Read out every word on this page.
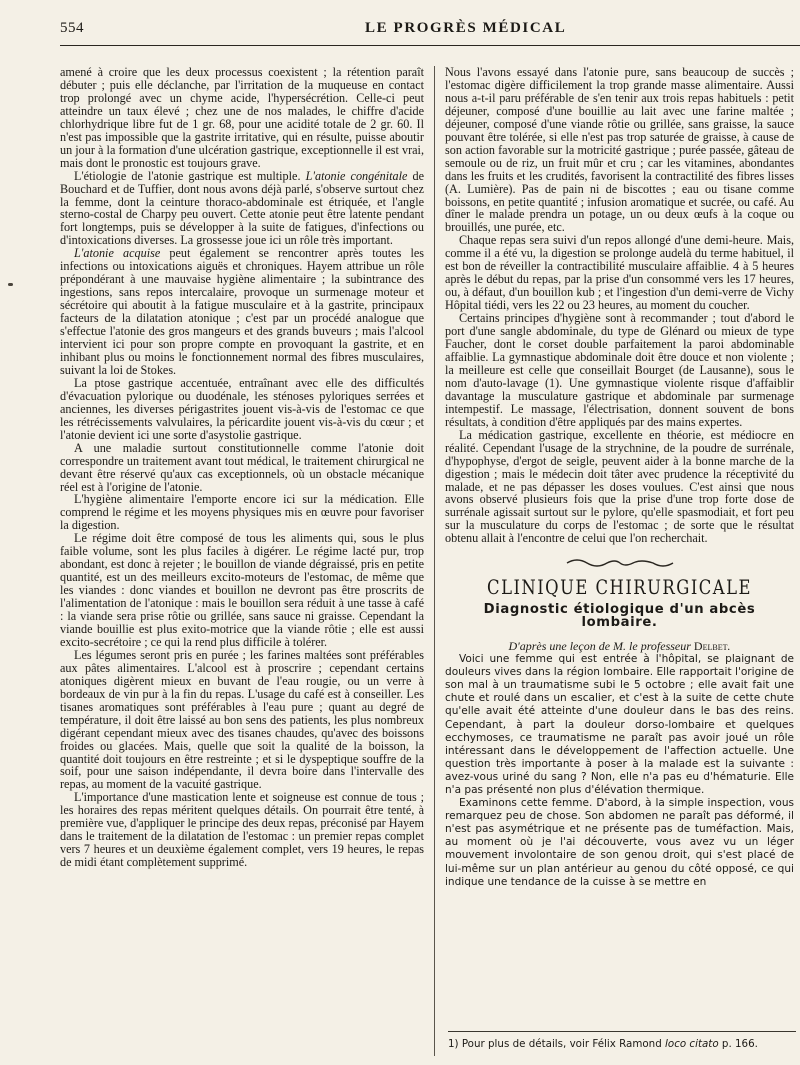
554	LE PROGRÈS MÉDICAL

amené à croire que les deux processus coexistent ; la rétention paraît débuter ; puis elle déclanche, par l'irritation de la muqueuse en contact trop prolongé avec un chyme acide, l'hypersécrétion. Celle-ci peut atteindre un taux élevé ; chez une de nos malades, le chiffre d'acide chlorhydrique libre fut de 1 gr. 68, pour une acidité totale de 2 gr. 60. Il n'est pas impossible que la gastrite irritative, qui en résulte, puisse aboutir un jour à la formation d'une ulcération gastrique, exceptionnelle il est vrai, mais dont le pronostic est toujours grave.

L'étiologie de l'atonie gastrique est multiple. L'atonie congénitale de Bouchard et de Tuffier, dont nous avons déjà parlé, s'observe surtout chez la femme, dont la ceinture thoraco-abdominale est étriquée, et l'angle sterno-costal de Charpy peu ouvert. Cette atonie peut être latente pendant fort longtemps, puis se développer à la suite de fatigues, d'infections ou d'intoxications diverses. La grossesse joue ici un rôle très important.

L'atonie acquise peut également se rencontrer après toutes les infections ou intoxications aiguës et chroniques. Hayem attribue un rôle prépondérant à une mauvaise hygiène alimentaire ; la subintrance des ingestions, sans repos intercalaire, provoque un surmenage moteur et sécrétoire qui aboutit à la fatigue musculaire et à la gastrite, principaux facteurs de la dilatation atonique ; c'est par un procédé analogue que s'effectue l'atonie des gros mangeurs et des grands buveurs ; mais l'alcool intervient ici pour son propre compte en provoquant la gastrite, et en inhibant plus ou moins le fonctionnement normal des fibres musculaires, suivant la loi de Stokes.

La ptose gastrique accentuée, entraînant avec elle des difficultés d'évacuation pylorique ou duodénale, les sténoses pyloriques serrées et anciennes, les diverses périgastrites jouent vis-à-vis de l'estomac ce que les rétrécissements valvulaires, la péricardite jouent vis-à-vis du cœur ; et l'atonie devient ici une sorte d'asystolie gastrique.

A une maladie surtout constitutionnelle comme l'atonie doit correspondre un traitement avant tout médical, le traitement chirurgical ne devant être réservé qu'aux cas exceptionnels, où un obstacle mécanique réel est à l'origine de l'atonie.

L'hygiène alimentaire l'emporte encore ici sur la médication. Elle comprend le régime et les moyens physiques mis en œuvre pour favoriser la digestion.

Le régime doit être composé de tous les aliments qui, sous le plus faible volume, sont les plus faciles à digérer. Le régime lacté pur, trop abondant, est donc à rejeter ; le bouillon de viande dégraissé, pris en petite quantité, est un des meilleurs excito-moteurs de l'estomac, de même que les viandes : donc viandes et bouillon ne devront pas être proscrits de l'alimentation de l'atonique : mais le bouillon sera réduit à une tasse à café : la viande sera prise rôtie ou grillée, sans sauce ni graisse. Cependant la viande bouillie est plus exito-motrice que la viande rôtie ; elle est aussi excito-secrétoire ; ce qui la rend plus difficile à tolérer.

Les légumes seront pris en purée ; les farines maltées sont préférables aux pâtes alimentaires. L'alcool est à proscrire ; cependant certains atoniques digèrent mieux en buvant de l'eau rougie, ou un verre à bordeaux de vin pur à la fin du repas. L'usage du café est à conseiller. Les tisanes aromatiques sont préférables à l'eau pure ; quant au degré de température, il doit être laissé au bon sens des patients, les plus nombreux digérant cependant mieux avec des tisanes chaudes, qu'avec des boissons froides ou glacées. Mais, quelle que soit la qualité de la boisson, la quantité doit toujours en être restreinte ; et si le dyspeptique souffre de la soif, pour une saison indépendante, il devra boire dans l'intervalle des repas, au moment de la vacuité gastrique.

L'importance d'une mastication lente et soigneuse est connue de tous ; les horaires des repas méritent quelques détails. On pourrait être tenté, à première vue, d'appliquer le principe des deux repas, préconisé par Hayem dans le traitement de la dilatation de l'estomac : un premier repas complet vers 7 heures et un deuxième également complet, vers 19 heures, le repas de midi étant complètement supprimé.

Nous l'avons essayé dans l'atonie pure, sans beaucoup de succès ; l'estomac digère difficilement la trop grande masse alimentaire. Aussi nous a-t-il paru préférable de s'en tenir aux trois repas habituels : petit déjeuner, composé d'une bouillie au lait avec une farine maltée ; déjeuner, composé d'une viande rôtie ou grillée, sans graisse, la sauce pouvant être tolérée, si elle n'est pas trop saturée de graisse, à cause de son action favorable sur la motricité gastrique ; purée passée, gâteau de semoule ou de riz, un fruit mûr et cru ; car les vitamines, abondantes dans les fruits et les crudités, favorisent la contractilité des fibres lisses (A. Lumière). Pas de pain ni de biscottes ; eau ou tisane comme boissons, en petite quantité ; infusion aromatique et sucrée, ou café. Au dîner le malade prendra un potage, un ou deux œufs à la coque ou brouillés, une purée, etc.

Chaque repas sera suivi d'un repos allongé d'une demi-heure. Mais, comme il a été vu, la digestion se prolonge audelà du terme habituel, il est bon de réveiller la contractibilité musculaire affaiblie. 4 à 5 heures après le début du repas, par la prise d'un consommé vers les 17 heures, ou, à défaut, d'un bouillon kub ; et l'ingestion d'un demi-verre de Vichy Hôpital tiédi, vers les 22 ou 23 heures, au moment du coucher.

Certains principes d'hygiène sont à recommander ; tout d'abord le port d'une sangle abdominale, du type de Glénard ou mieux de type Faucher, dont le corset double parfaitement la paroi abdominable affaiblie. La gymnastique abdominale doit être douce et non violente ; la meilleure est celle que conseillait Bourget (de Lausanne), sous le nom d'auto-lavage (1). Une gymnastique violente risque d'affaiblir davantage la musculature gastrique et abdominale par surmenage intempestif. Le massage, l'électrisation, donnent souvent de bons résultats, à condition d'être appliqués par des mains expertes.

La médication gastrique, excellente en théorie, est médiocre en réalité. Cependant l'usage de la strychnine, de la poudre de surrénale, d'hypophyse, d'ergot de seigle, peuvent aider à la bonne marche de la digestion ; mais le médecin doit tâter avec prudence la réceptivité du malade, et ne pas dépasser les doses voulues. C'est ainsi que nous avons observé plusieurs fois que la prise d'une trop forte dose de surrénale agissait surtout sur le pylore, qu'elle spasmodiait, et fort peu sur la musculature du corps de l'estomac ; de sorte que le résultat obtenu allait à l'encontre de celui que l'on recherchait.

CLINIQUE CHIRURGICALE
Diagnostic étiologique d'un abcès lombaire.

D'après une leçon de M. le professeur Delbet.

Voici une femme qui est entrée à l'hôpital, se plaignant de douleurs vives dans la région lombaire. Elle rapportait l'origine de son mal à un traumatisme subi le 5 octobre ; elle avait fait une chute et roulé dans un escalier, et c'est à la suite de cette chute qu'elle avait été atteinte d'une douleur dans le bas des reins. Cependant, à part la douleur dorso-lombaire et quelques ecchymoses, ce traumatisme ne paraît pas avoir joué un rôle intéressant dans le développement de l'affection actuelle. Une question très importante à poser à la malade est la suivante : avez-vous uriné du sang ? Non, elle n'a pas eu d'hématurie. Elle n'a pas présenté non plus d'élévation thermique.

Examinons cette femme. D'abord, à la simple inspection, vous remarquez peu de chose. Son abdomen ne paraît pas déformé, il n'est pas asymétrique et ne présente pas de tuméfaction. Mais, au moment où je l'ai découverte, vous avez vu un léger mouvement involontaire de son genou droit, qui s'est placé de lui-même sur un plan antérieur au genou du côté opposé, ce qui indique une tendance de la cuisse à se mettre en

1) Pour plus de détails, voir Félix Ramond loco citato p. 166.
